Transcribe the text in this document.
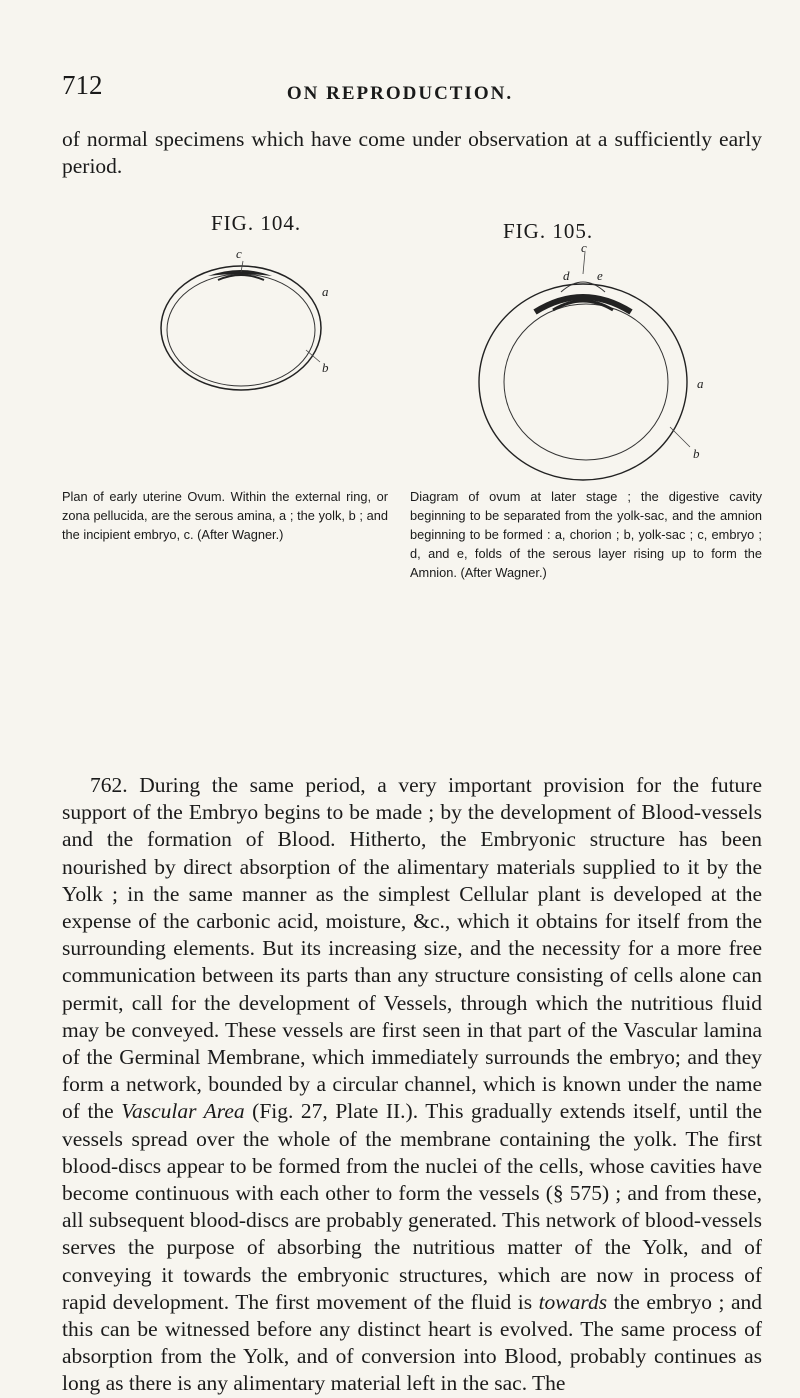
712	ON REPRODUCTION.
of normal specimens which have come under observation at a sufficiently early period.
FIG. 104.
c
a
b
FIG. 105.
c
d e
a
b
Plan of early uterine Ovum. Within the external ring, or zona pellucida, are the serous amina, a ; the yolk, b ; and the incipient embryo, c. (After Wagner.)
Diagram of ovum at later stage ; the digestive cavity beginning to be separated from the yolk-sac, and the amnion beginning to be formed : a, chorion ; b, yolk-sac ; c, embryo ; d, and e, folds of the serous layer rising up to form the Amnion. (After Wagner.)

762. During the same period, a very important provision for the future support of the Embryo begins to be made ; by the development of Blood-vessels and the formation of Blood. Hitherto, the Embryonic structure has been nourished by direct absorption of the alimentary materials supplied to it by the Yolk ; in the same manner as the simplest Cellular plant is developed at the expense of the carbonic acid, moisture, &c., which it obtains for itself from the surrounding elements. But its increasing size, and the necessity for a more free communication between its parts than any structure consisting of cells alone can permit, call for the development of Vessels, through which the nutritious fluid may be conveyed. These vessels are first seen in that part of the Vascular lamina of the Germinal Membrane, which immediately surrounds the embryo; and they form a network, bounded by a circular channel, which is known under the name of the Vascular Area (Fig. 27, Plate II.). This gradually extends itself, until the vessels spread over the whole of the membrane containing the yolk. The first blood-discs appear to be formed from the nuclei of the cells, whose cavities have become continuous with each other to form the vessels (§ 575) ; and from these, all subsequent blood-discs are probably generated. This network of blood-vessels serves the purpose of absorbing the nutritious matter of the Yolk, and of conveying it towards the embryonic structures, which are now in process of rapid development. The first movement of the fluid is towards the embryo ; and this can be witnessed before any distinct heart is evolved. The same process of absorption from the Yolk, and of conversion into Blood, probably continues as long as there is any alimentary material left in the sac. The
